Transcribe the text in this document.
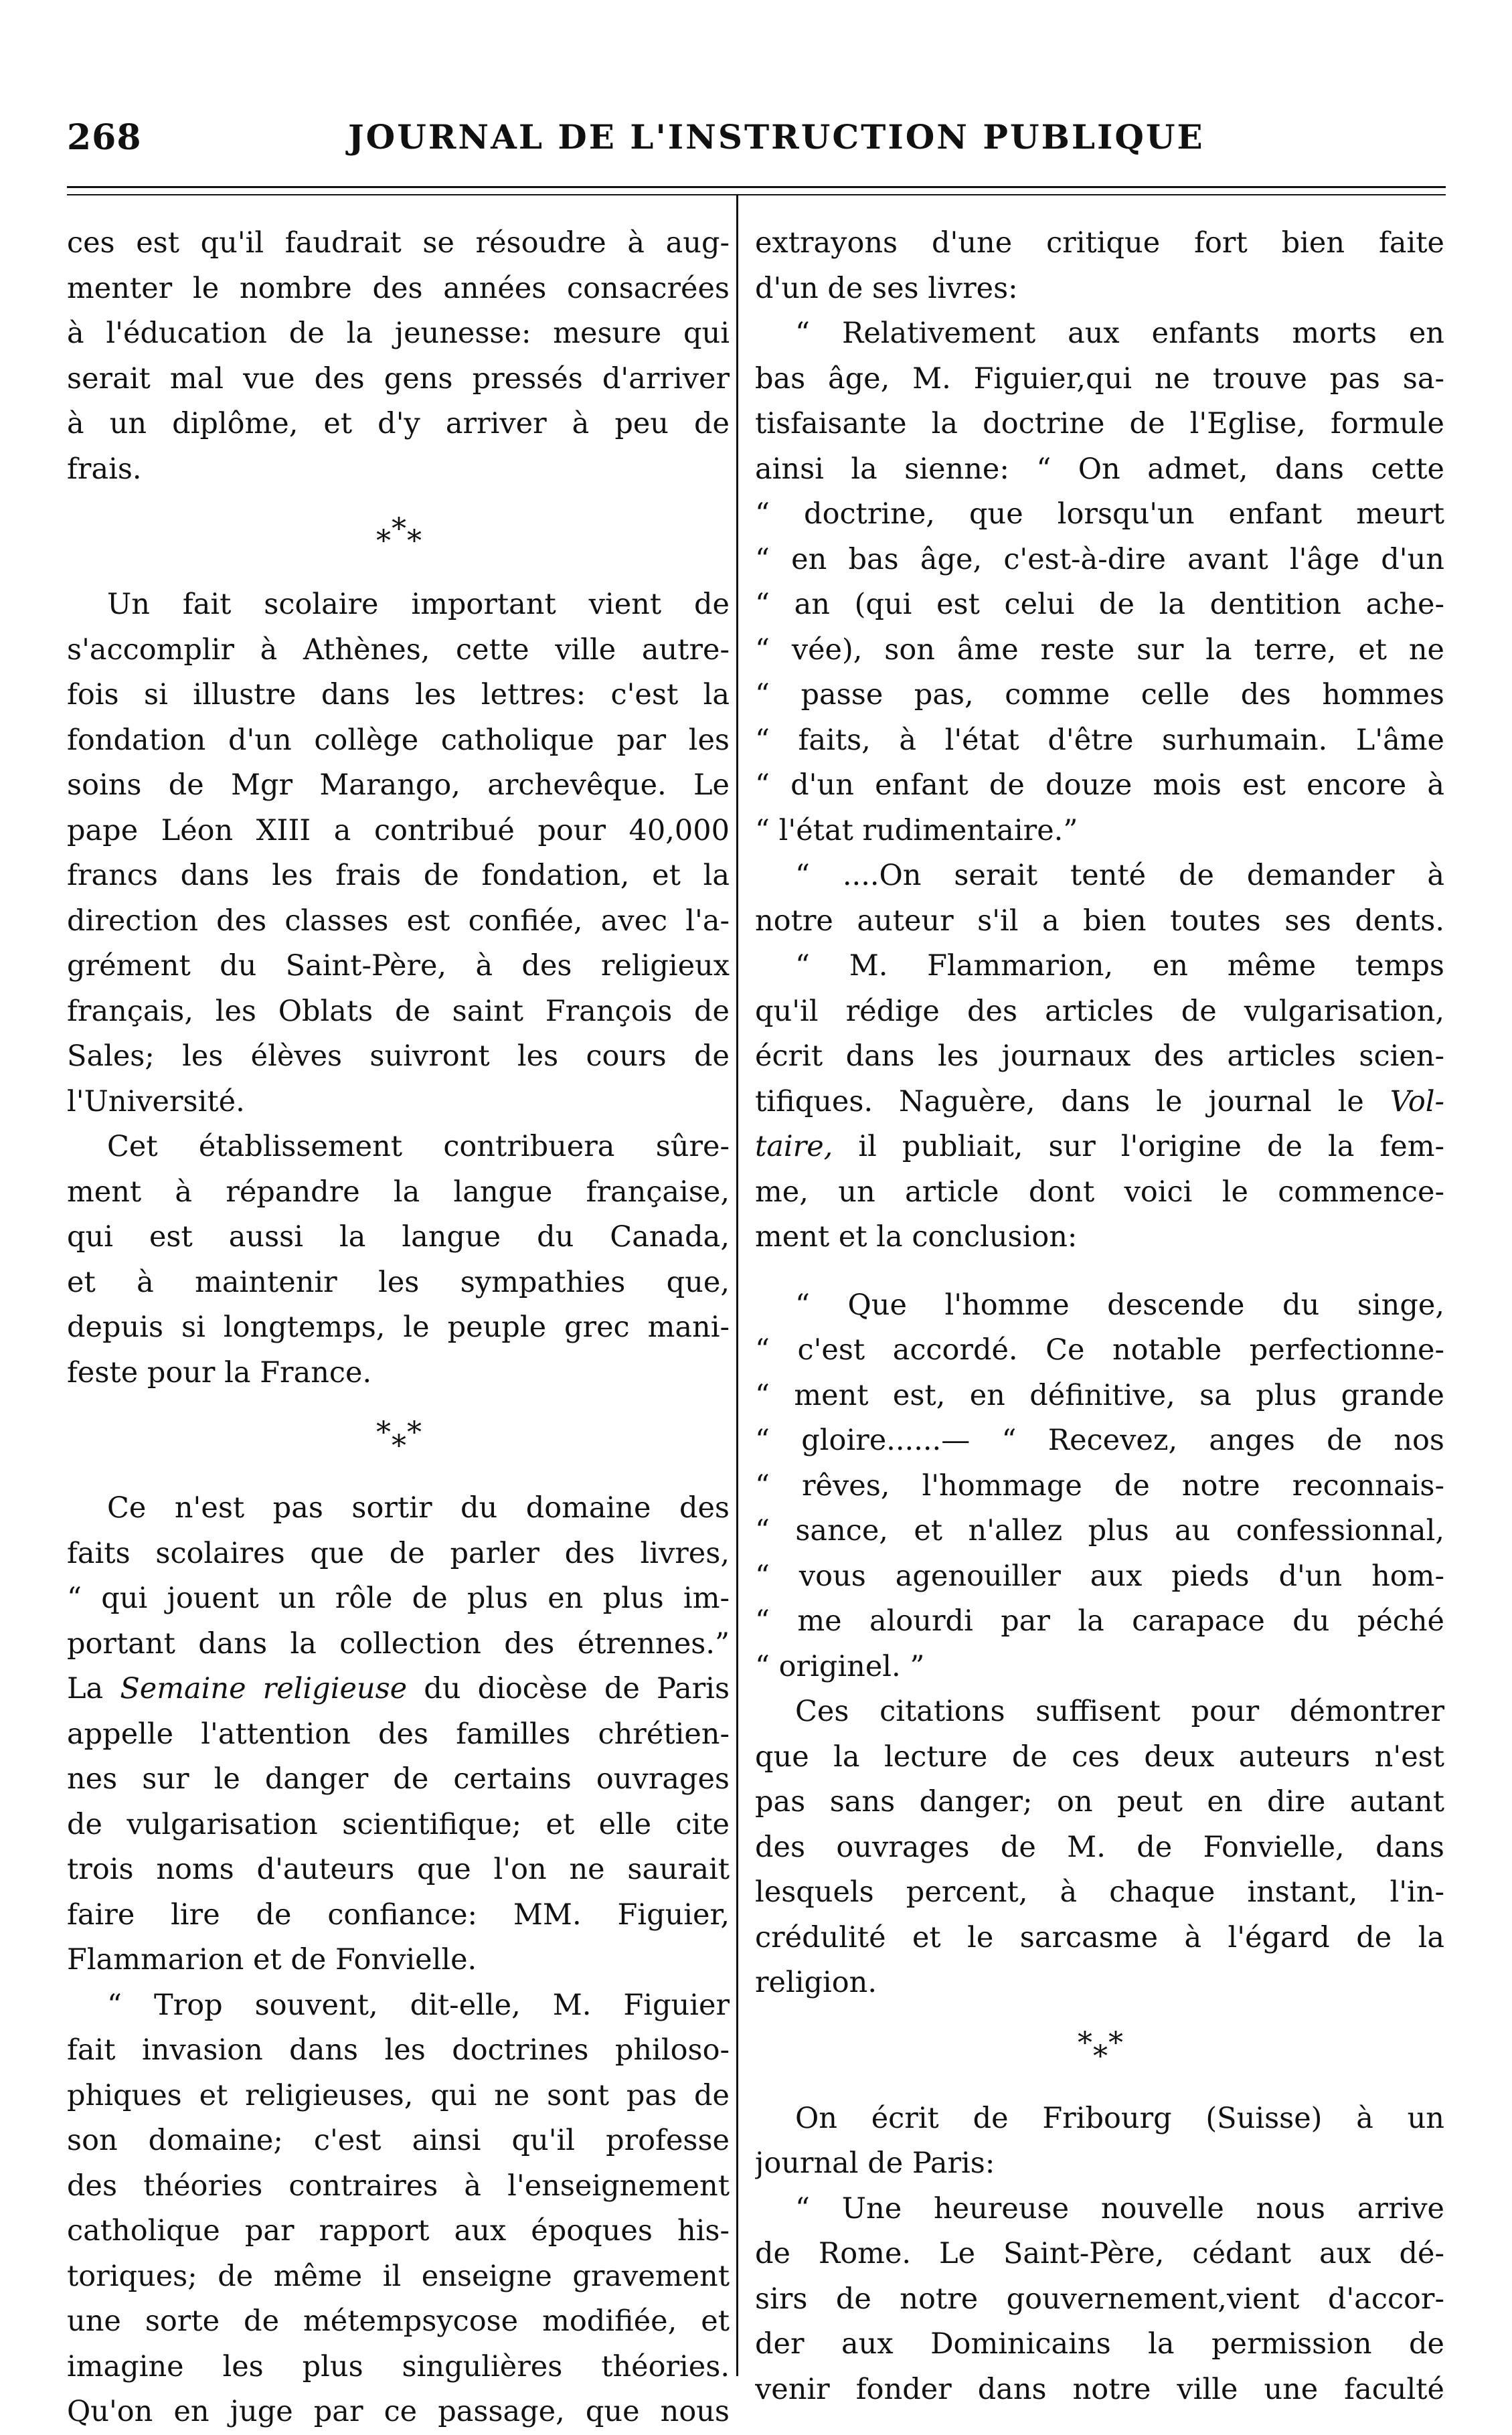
268	JOURNAL DE L'INSTRUCTION PUBLIQUE
ces est qu'il faudrait se résoudre à aug-
menter le nombre des années consacrées
à l'éducation de la jeunesse: mesure qui
serait mal vue des gens pressés d'arriver
à un diplôme, et d'y arriver à peu de
frais.
* * *
Un fait scolaire important vient de
s'accomplir à Athènes, cette ville autre-
fois si illustre dans les lettres: c'est la
fondation d'un collège catholique par les
soins de Mgr Marango, archevêque. Le
pape Léon XIII a contribué pour 40,000
francs dans les frais de fondation, et la
direction des classes est confiée, avec l'a-
grément du Saint-Père, à des religieux
français, les Oblats de saint François de
Sales; les élèves suivront les cours de
l'Université.
Cet établissement contribuera sûre-
ment à répandre la langue française,
qui est aussi la langue du Canada,
et à maintenir les sympathies que,
depuis si longtemps, le peuple grec mani-
feste pour la France.
* * *
Ce n'est pas sortir du domaine des
faits scolaires que de parler des livres,
“ qui jouent un rôle de plus en plus im-
portant dans la collection des étrennes.”
La Semaine religieuse du diocèse de Paris
appelle l'attention des familles chrétien-
nes sur le danger de certains ouvrages
de vulgarisation scientifique; et elle cite
trois noms d'auteurs que l'on ne saurait
faire lire de confiance: MM. Figuier,
Flammarion et de Fonvielle.
“ Trop souvent, dit-elle, M. Figuier
fait invasion dans les doctrines philoso-
phiques et religieuses, qui ne sont pas de
son domaine; c'est ainsi qu'il professe
des théories contraires à l'enseignement
catholique par rapport aux époques his-
toriques; de même il enseigne gravement
une sorte de métempsycose modifiée, et
imagine les plus singulières théories.
Qu'on en juge par ce passage, que nous
extrayons d'une critique fort bien faite
d'un de ses livres:
“ Relativement aux enfants morts en
bas âge, M. Figuier,qui ne trouve pas sa-
tisfaisante la doctrine de l'Eglise, formule
ainsi la sienne: “ On admet, dans cette
“ doctrine, que lorsqu'un enfant meurt
“ en bas âge, c'est-à-dire avant l'âge d'un
“ an (qui est celui de la dentition ache-
“ vée), son âme reste sur la terre, et ne
“ passe pas, comme celle des hommes
“ faits, à l'état d'être surhumain. L'âme
“ d'un enfant de douze mois est encore à
“ l'état rudimentaire.”
“ ....On serait tenté de demander à
notre auteur s'il a bien toutes ses dents.
“ M. Flammarion, en même temps
qu'il rédige des articles de vulgarisation,
écrit dans les journaux des articles scien-
tifiques. Naguère, dans le journal le Vol-
taire, il publiait, sur l'origine de la fem-
me, un article dont voici le commence-
ment et la conclusion:
“ Que l'homme descende du singe,
“ c'est accordé. Ce notable perfectionne-
“ ment est, en définitive, sa plus grande
“ gloire......— “ Recevez, anges de nos
“ rêves, l'hommage de notre reconnais-
“ sance, et n'allez plus au confessionnal,
“ vous agenouiller aux pieds d'un hom-
“ me alourdi par la carapace du péché
“ originel. ”
Ces citations suffisent pour démontrer
que la lecture de ces deux auteurs n'est
pas sans danger; on peut en dire autant
des ouvrages de M. de Fonvielle, dans
lesquels percent, à chaque instant, l'in-
crédulité et le sarcasme à l'égard de la
religion.
* * *
On écrit de Fribourg (Suisse) à un
journal de Paris:
“ Une heureuse nouvelle nous arrive
de Rome. Le Saint-Père, cédant aux dé-
sirs de notre gouvernement,vient d'accor-
der aux Dominicains la permission de
venir fonder dans notre ville une faculté
